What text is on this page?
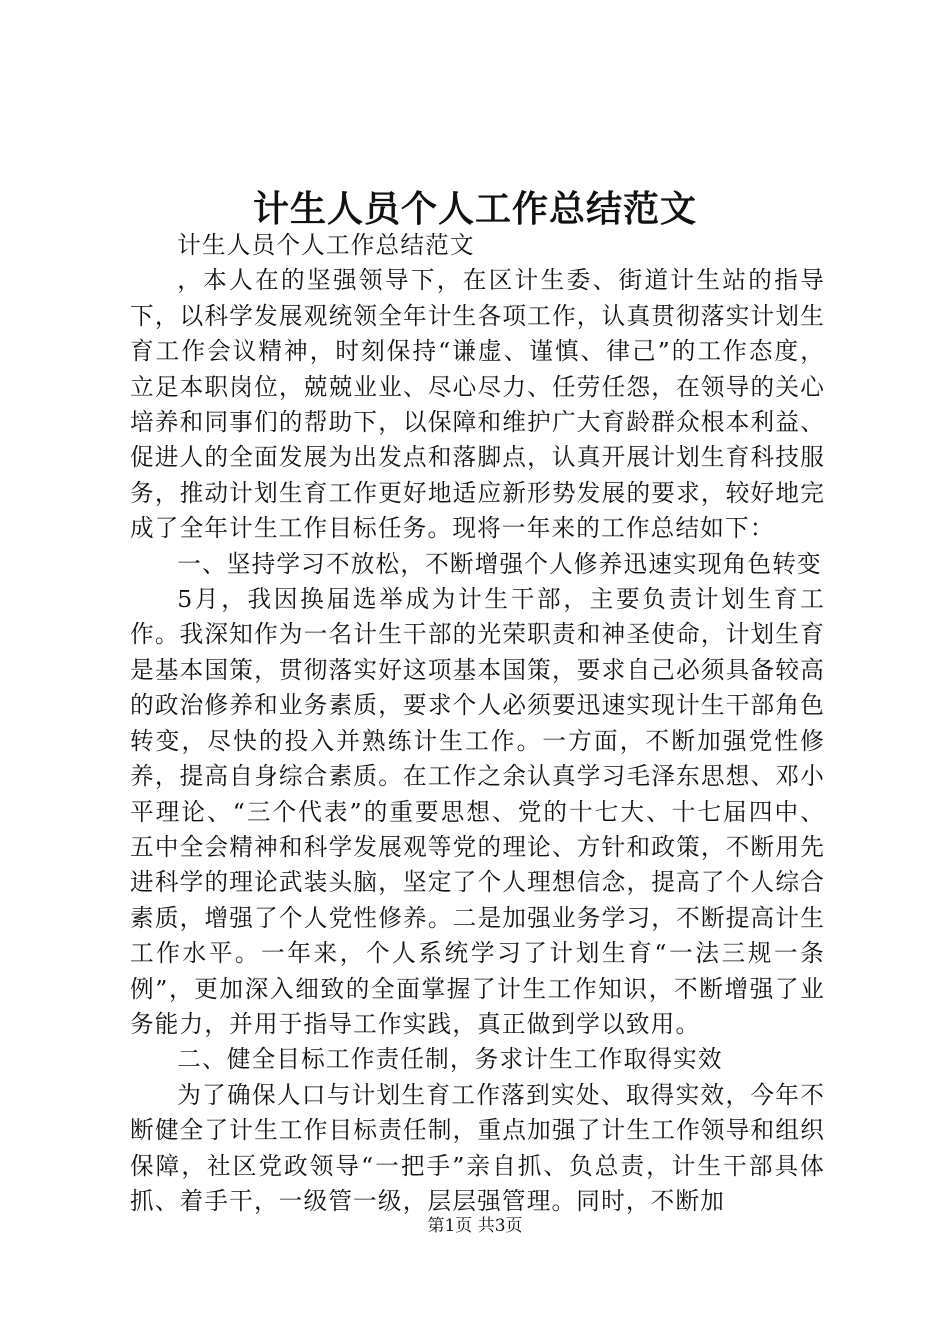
计生人员个人工作总结范文

计生人员个人工作总结范文

，本人在的坚强领导下，在区计生委、街道计生站的指导下，以科学发展观统领全年计生各项工作，认真贯彻落实计划生育工作会议精神，时刻保持“谦虚、谨慎、律己”的工作态度，立足本职岗位，兢兢业业、尽心尽力、任劳任怨，在领导的关心培养和同事们的帮助下，以保障和维护广大育龄群众根本利益、促进人的全面发展为出发点和落脚点，认真开展计划生育科技服务，推动计划生育工作更好地适应新形势发展的要求，较好地完成了全年计生工作目标任务。现将一年来的工作总结如下：

一、坚持学习不放松，不断增强个人修养迅速实现角色转变

5月，我因换届选举成为计生干部，主要负责计划生育工作。我深知作为一名计生干部的光荣职责和神圣使命，计划生育是基本国策，贯彻落实好这项基本国策，要求自己必须具备较高的政治修养和业务素质，要求个人必须要迅速实现计生干部角色转变，尽快的投入并熟练计生工作。一方面，不断加强党性修养，提高自身综合素质。在工作之余认真学习毛泽东思想、邓小平理论、“三个代表”的重要思想、党的十七大、十七届四中、五中全会精神和科学发展观等党的理论、方针和政策，不断用先进科学的理论武装头脑，坚定了个人理想信念，提高了个人综合素质，增强了个人党性修养。二是加强业务学习，不断提高计生工作水平。一年来，个人系统学习了计划生育“一法三规一条例”，更加深入细致的全面掌握了计生工作知识，不断增强了业务能力，并用于指导工作实践，真正做到学以致用。

二、健全目标工作责任制，务求计生工作取得实效

为了确保人口与计划生育工作落到实处、取得实效，今年不断健全了计生工作目标责任制，重点加强了计生工作领导和组织保障，社区党政领导“一把手”亲自抓、负总责，计生干部具体抓、着手干，一级管一级，层层强管理。同时，不断加

第1页 共3页
